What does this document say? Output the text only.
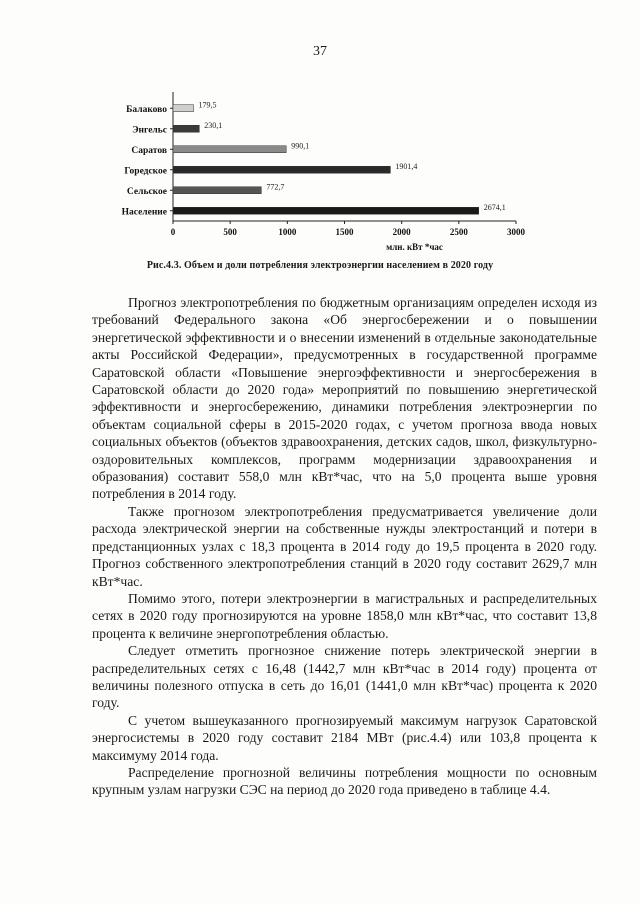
37
Балаково	179,5
Энгельс	230,1
Саратов	990,1
Горедское	1901,4
Сельское	772,7
Население	2674,1
0	500	1000	1500	2000	2500	3000
млн. кВт *час
Рис.4.3. Объем и доли потребления электроэнергии населением в 2020 году

Прогноз электропотребления по бюджетным организациям определен исходя из требований Федерального закона «Об энергосбережении и о повышении энергетической эффективности и о внесении изменений в отдельные законодательные акты Российской Федерации», предусмотренных в государственной программе Саратовской области «Повышение энергоэффективности и энергосбережения в Саратовской области до 2020 года» мероприятий по повышению энергетической эффективности и энергосбережению, динамики потребления электроэнергии по объектам социальной сферы в 2015-2020 годах, с учетом прогноза ввода новых социальных объектов (объектов здравоохранения, детских садов, школ, физкультурно-оздоровительных комплексов, программ модернизации здравоохранения и образования) составит 558,0 млн кВт*час, что на 5,0 процента выше уровня потребления в 2014 году.

Также прогнозом электропотребления предусматривается увеличение доли расхода электрической энергии на собственные нужды электростанций и потери в предстанционных узлах с 18,3 процента в 2014 году до 19,5 процента в 2020 году. Прогноз собственного электропотребления станций в 2020 году составит 2629,7 млн кВт*час.

Помимо этого, потери электроэнергии в магистральных и распределительных сетях в 2020 году прогнозируются на уровне 1858,0 млн кВт*час, что составит 13,8 процента к величине энергопотребления областью.

Следует отметить прогнозное снижение потерь электрической энергии в распределительных сетях с 16,48 (1442,7 млн кВт*час в 2014 году) процента от величины полезного отпуска в сеть до 16,01 (1441,0 млн кВт*час) процента к 2020 году.

С учетом вышеуказанного прогнозируемый максимум нагрузок Саратовской энергосистемы в 2020 году составит 2184 МВт (рис.4.4) или 103,8 процента к максимуму 2014 года.

Распределение прогнозной величины потребления мощности по основным крупным узлам нагрузки СЭС на период до 2020 года приведено в таблице 4.4.
